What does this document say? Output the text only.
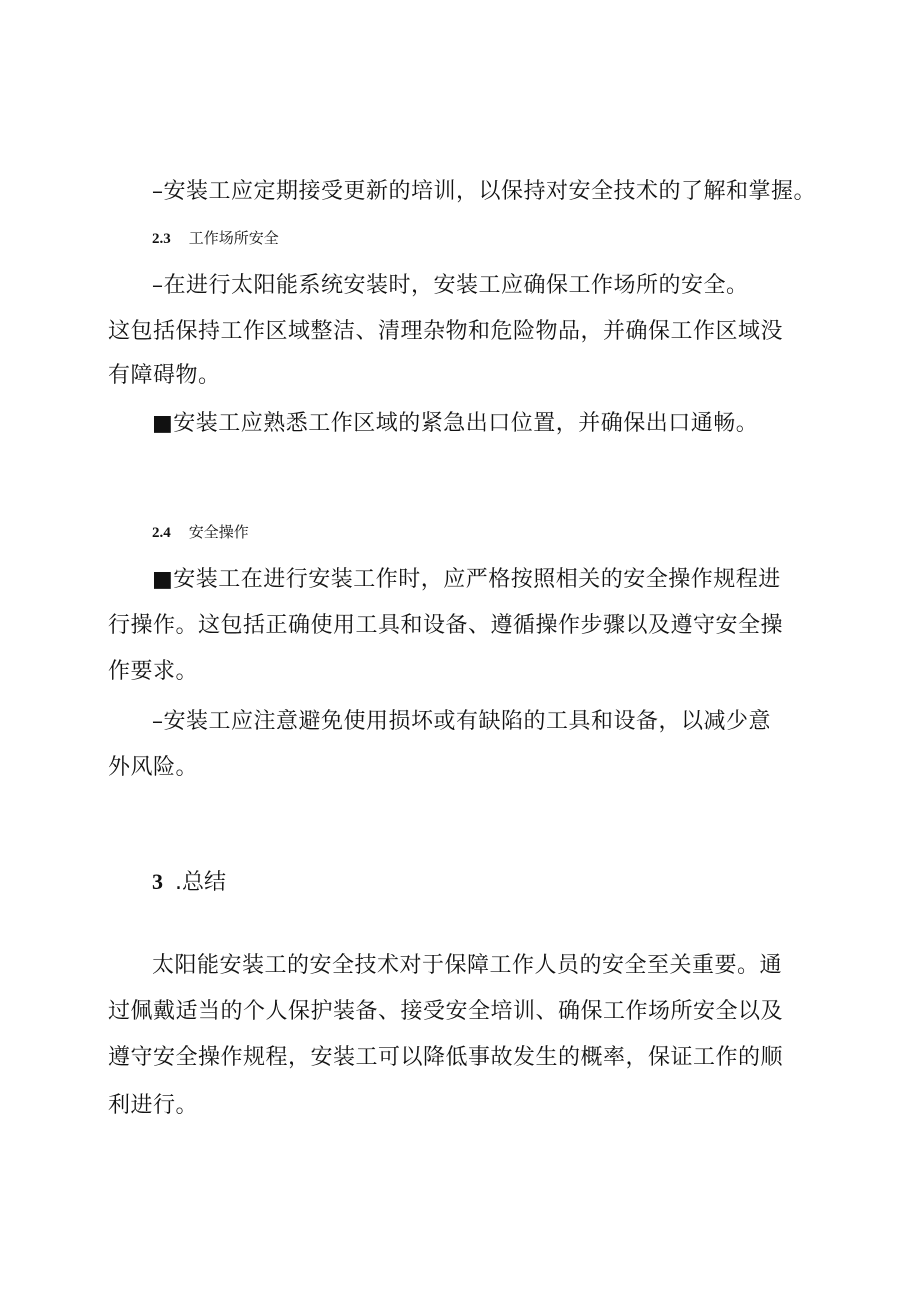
–安装工应定期接受更新的培训，以保持对安全技术的了解和掌握。
2.3 工作场所安全
–在进行太阳能系统安装时，安装工应确保工作场所的安全。
这包括保持工作区域整洁、清理杂物和危险物品，并确保工作区域没
有障碍物。
■安装工应熟悉工作区域的紧急出口位置，并确保出口通畅。
2.4 安全操作
■安装工在进行安装工作时，应严格按照相关的安全操作规程进
行操作。这包括正确使用工具和设备、遵循操作步骤以及遵守安全操
作要求。
–安装工应注意避免使用损坏或有缺陷的工具和设备，以减少意
外风险。
3 .总结
太阳能安装工的安全技术对于保障工作人员的安全至关重要。通
过佩戴适当的个人保护装备、接受安全培训、确保工作场所安全以及
遵守安全操作规程，安装工可以降低事故发生的概率，保证工作的顺
利进行。
